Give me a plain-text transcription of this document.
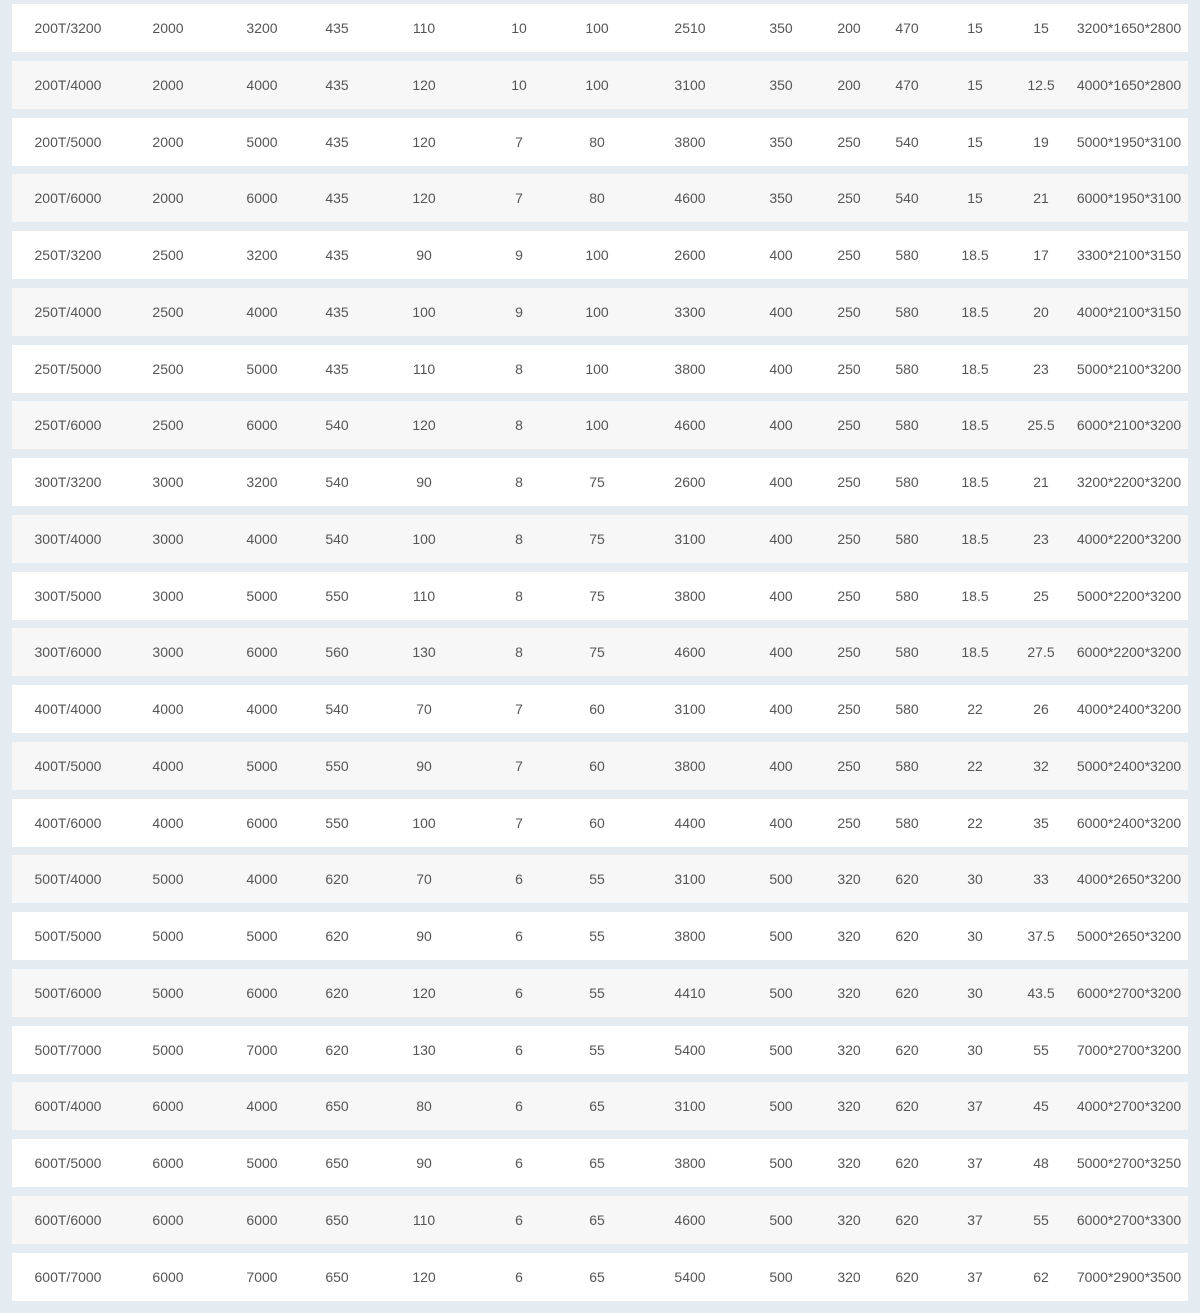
200T/3200	2000	3200	435	110	10	100	2510	350	200	470	15	15	3200*1650*2800
200T/4000	2000	4000	435	120	10	100	3100	350	200	470	15	12.5	4000*1650*2800
200T/5000	2000	5000	435	120	7	80	3800	350	250	540	15	19	5000*1950*3100
200T/6000	2000	6000	435	120	7	80	4600	350	250	540	15	21	6000*1950*3100
250T/3200	2500	3200	435	90	9	100	2600	400	250	580	18.5	17	3300*2100*3150
250T/4000	2500	4000	435	100	9	100	3300	400	250	580	18.5	20	4000*2100*3150
250T/5000	2500	5000	435	110	8	100	3800	400	250	580	18.5	23	5000*2100*3200
250T/6000	2500	6000	540	120	8	100	4600	400	250	580	18.5	25.5	6000*2100*3200
300T/3200	3000	3200	540	90	8	75	2600	400	250	580	18.5	21	3200*2200*3200
300T/4000	3000	4000	540	100	8	75	3100	400	250	580	18.5	23	4000*2200*3200
300T/5000	3000	5000	550	110	8	75	3800	400	250	580	18.5	25	5000*2200*3200
300T/6000	3000	6000	560	130	8	75	4600	400	250	580	18.5	27.5	6000*2200*3200
400T/4000	4000	4000	540	70	7	60	3100	400	250	580	22	26	4000*2400*3200
400T/5000	4000	5000	550	90	7	60	3800	400	250	580	22	32	5000*2400*3200
400T/6000	4000	6000	550	100	7	60	4400	400	250	580	22	35	6000*2400*3200
500T/4000	5000	4000	620	70	6	55	3100	500	320	620	30	33	4000*2650*3200
500T/5000	5000	5000	620	90	6	55	3800	500	320	620	30	37.5	5000*2650*3200
500T/6000	5000	6000	620	120	6	55	4410	500	320	620	30	43.5	6000*2700*3200
500T/7000	5000	7000	620	130	6	55	5400	500	320	620	30	55	7000*2700*3200
600T/4000	6000	4000	650	80	6	65	3100	500	320	620	37	45	4000*2700*3200
600T/5000	6000	5000	650	90	6	65	3800	500	320	620	37	48	5000*2700*3250
600T/6000	6000	6000	650	110	6	65	4600	500	320	620	37	55	6000*2700*3300
600T/7000	6000	7000	650	120	6	65	5400	500	320	620	37	62	7000*2900*3500
